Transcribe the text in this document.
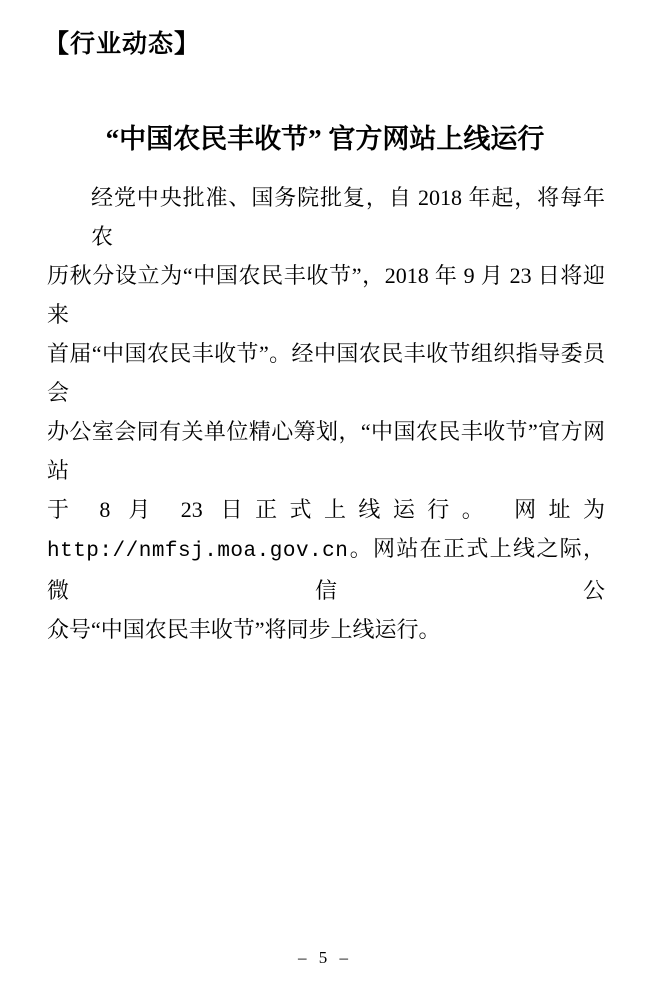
【行业动态】
“中国农民丰收节” 官方网站上线运行

经党中央批准、国务院批复，自 2018 年起，将每年农

历秋分设立为“中国农民丰收节”，2018 年 9 月 23 日将迎来

首届“中国农民丰收节”。经中国农民丰收节组织指导委员会

办公室会同有关单位精心筹划，“中国农民丰收节”官方网站

于 8 月 23 日正式上线运行。 网址为

http://nmfsj.moa.gov.cn。网站在正式上线之际，微信公

众号“中国农民丰收节”将同步上线运行。

– 5 –
